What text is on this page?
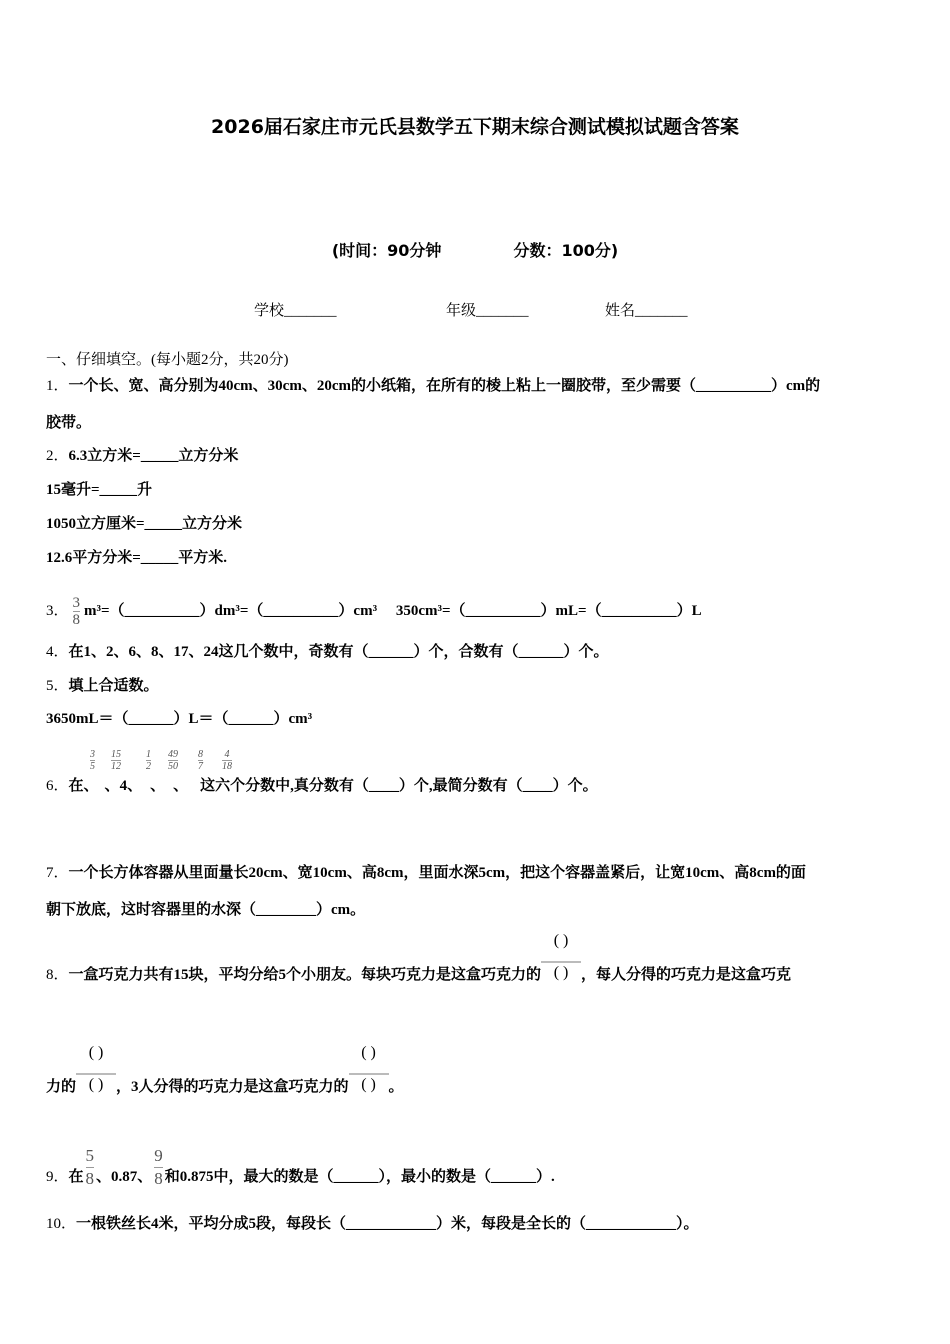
2026届石家庄市元氏县数学五下期末综合测试模拟试题含答案
(时间：90分钟	分数：100分)
学校_______	年级_______	姓名_______
一、仔细填空。(每小题2分，共20分)
1．一个长、宽、高分别为40cm、30cm、20cm的小纸箱，在所有的棱上粘上一圈胶带，至少需要（__________）cm的
胶带。
2．6.3立方米=_____立方分米
15毫升=_____升
1050立方厘米=_____立方分米
12.6平方分米=_____平方米.
3． $\frac{3}{8}$ m³=（__________）dm³=（__________）cm³　 350cm³=（__________）mL=（__________）L
4．在1、2、6、8、17、24这几个数中，奇数有（______）个，合数有（______）个。
5．填上合适数。
3650mL＝（______）L＝（______）cm³
6．在、 、4、 、 、 这六个分数中,真分数有（____）个,最简分数有（____）个。
$\frac{3}{5} \frac{15}{12}$	$\frac{1}{2} \frac{49}{50} \frac{8}{7} \frac{4}{18}$
7．一个长方体容器从里面量长20cm、宽10cm、高8cm，里面水深5cm，把这个容器盖紧后，让宽10cm、高8cm的面
朝下放底，这时容器里的水深（________）cm。
8．一盒巧克力共有15块，平均分给5个小朋友。每块巧克力是这盒巧克力的
( )
( ) ，每人分得的巧克力是这盒巧克
力的
( )
( ) ，3人分得的巧克力是这盒巧克力的
( )
( ) 。
9．在 $\frac{5}{8}$ 、0.87、 $\frac{9}{8}$ 和0.875中，最大的数是（______），最小的数是（______）.
10．一根铁丝长4米，平均分成5段，每段长（____________）米，每段是全长的（____________）。
